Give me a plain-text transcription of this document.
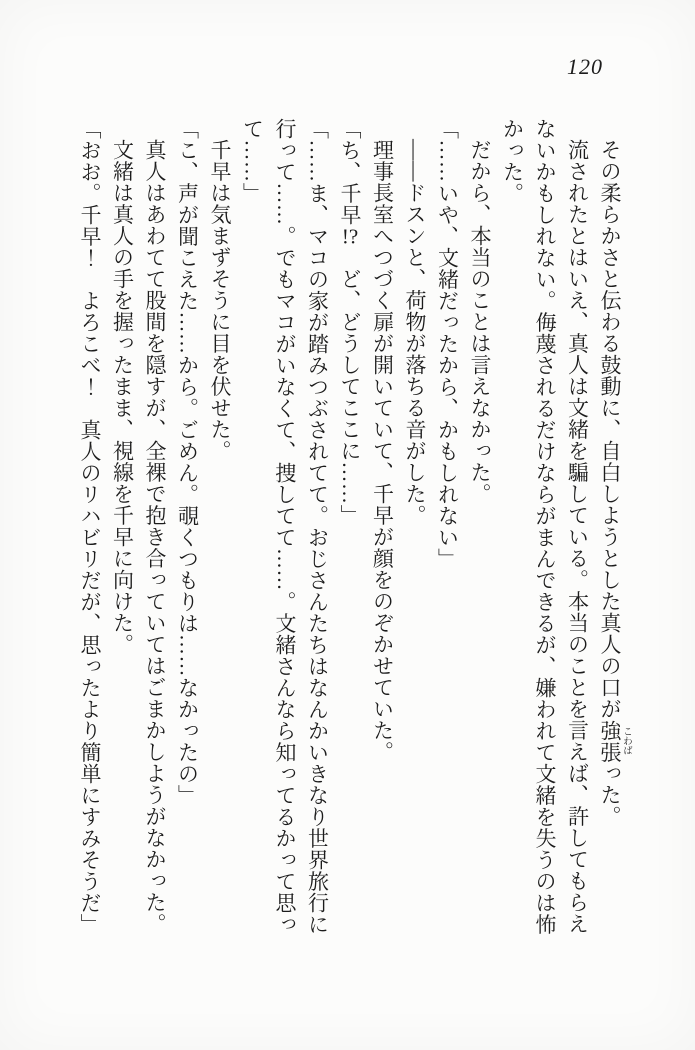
120

その柔らかさと伝わる鼓動に、自白しようとした真人の口が強張 こわばった。

流されたとはいえ、真人は文緒を騙している。本当のことを言えば、許してもらえないかもしれない。侮蔑されるだけならがまんできるが、嫌われて文緒を失うのは怖かった。

だから、本当のことは言えなかった。

「……いや、文緒だったから、かもしれない」

――ドスンと、荷物が落ちる音がした。

理事長室へつづく扉が開いていて、千早が顔をのぞかせていた。

「ち、千早!?　ど、どうしてここに……」

「……ま、マコの家が踏みつぶされてて。おじさんたちはなんかいきなり世界旅行に行って……。でもマコがいなくて、捜してて……。文緒さんなら知ってるかって思って……」

千早は気まずそうに目を伏せた。

「こ、声が聞こえた……から。ごめん。覗くつもりは……なかったの」

真人はあわてて股間を隠すが、全裸で抱き合っていてはごまかしようがなかった。

文緒は真人の手を握ったまま、視線を千早に向けた。

「おお。千早！　よろこべ！　真人のリハビリだが、思ったより簡単にすみそうだ」
